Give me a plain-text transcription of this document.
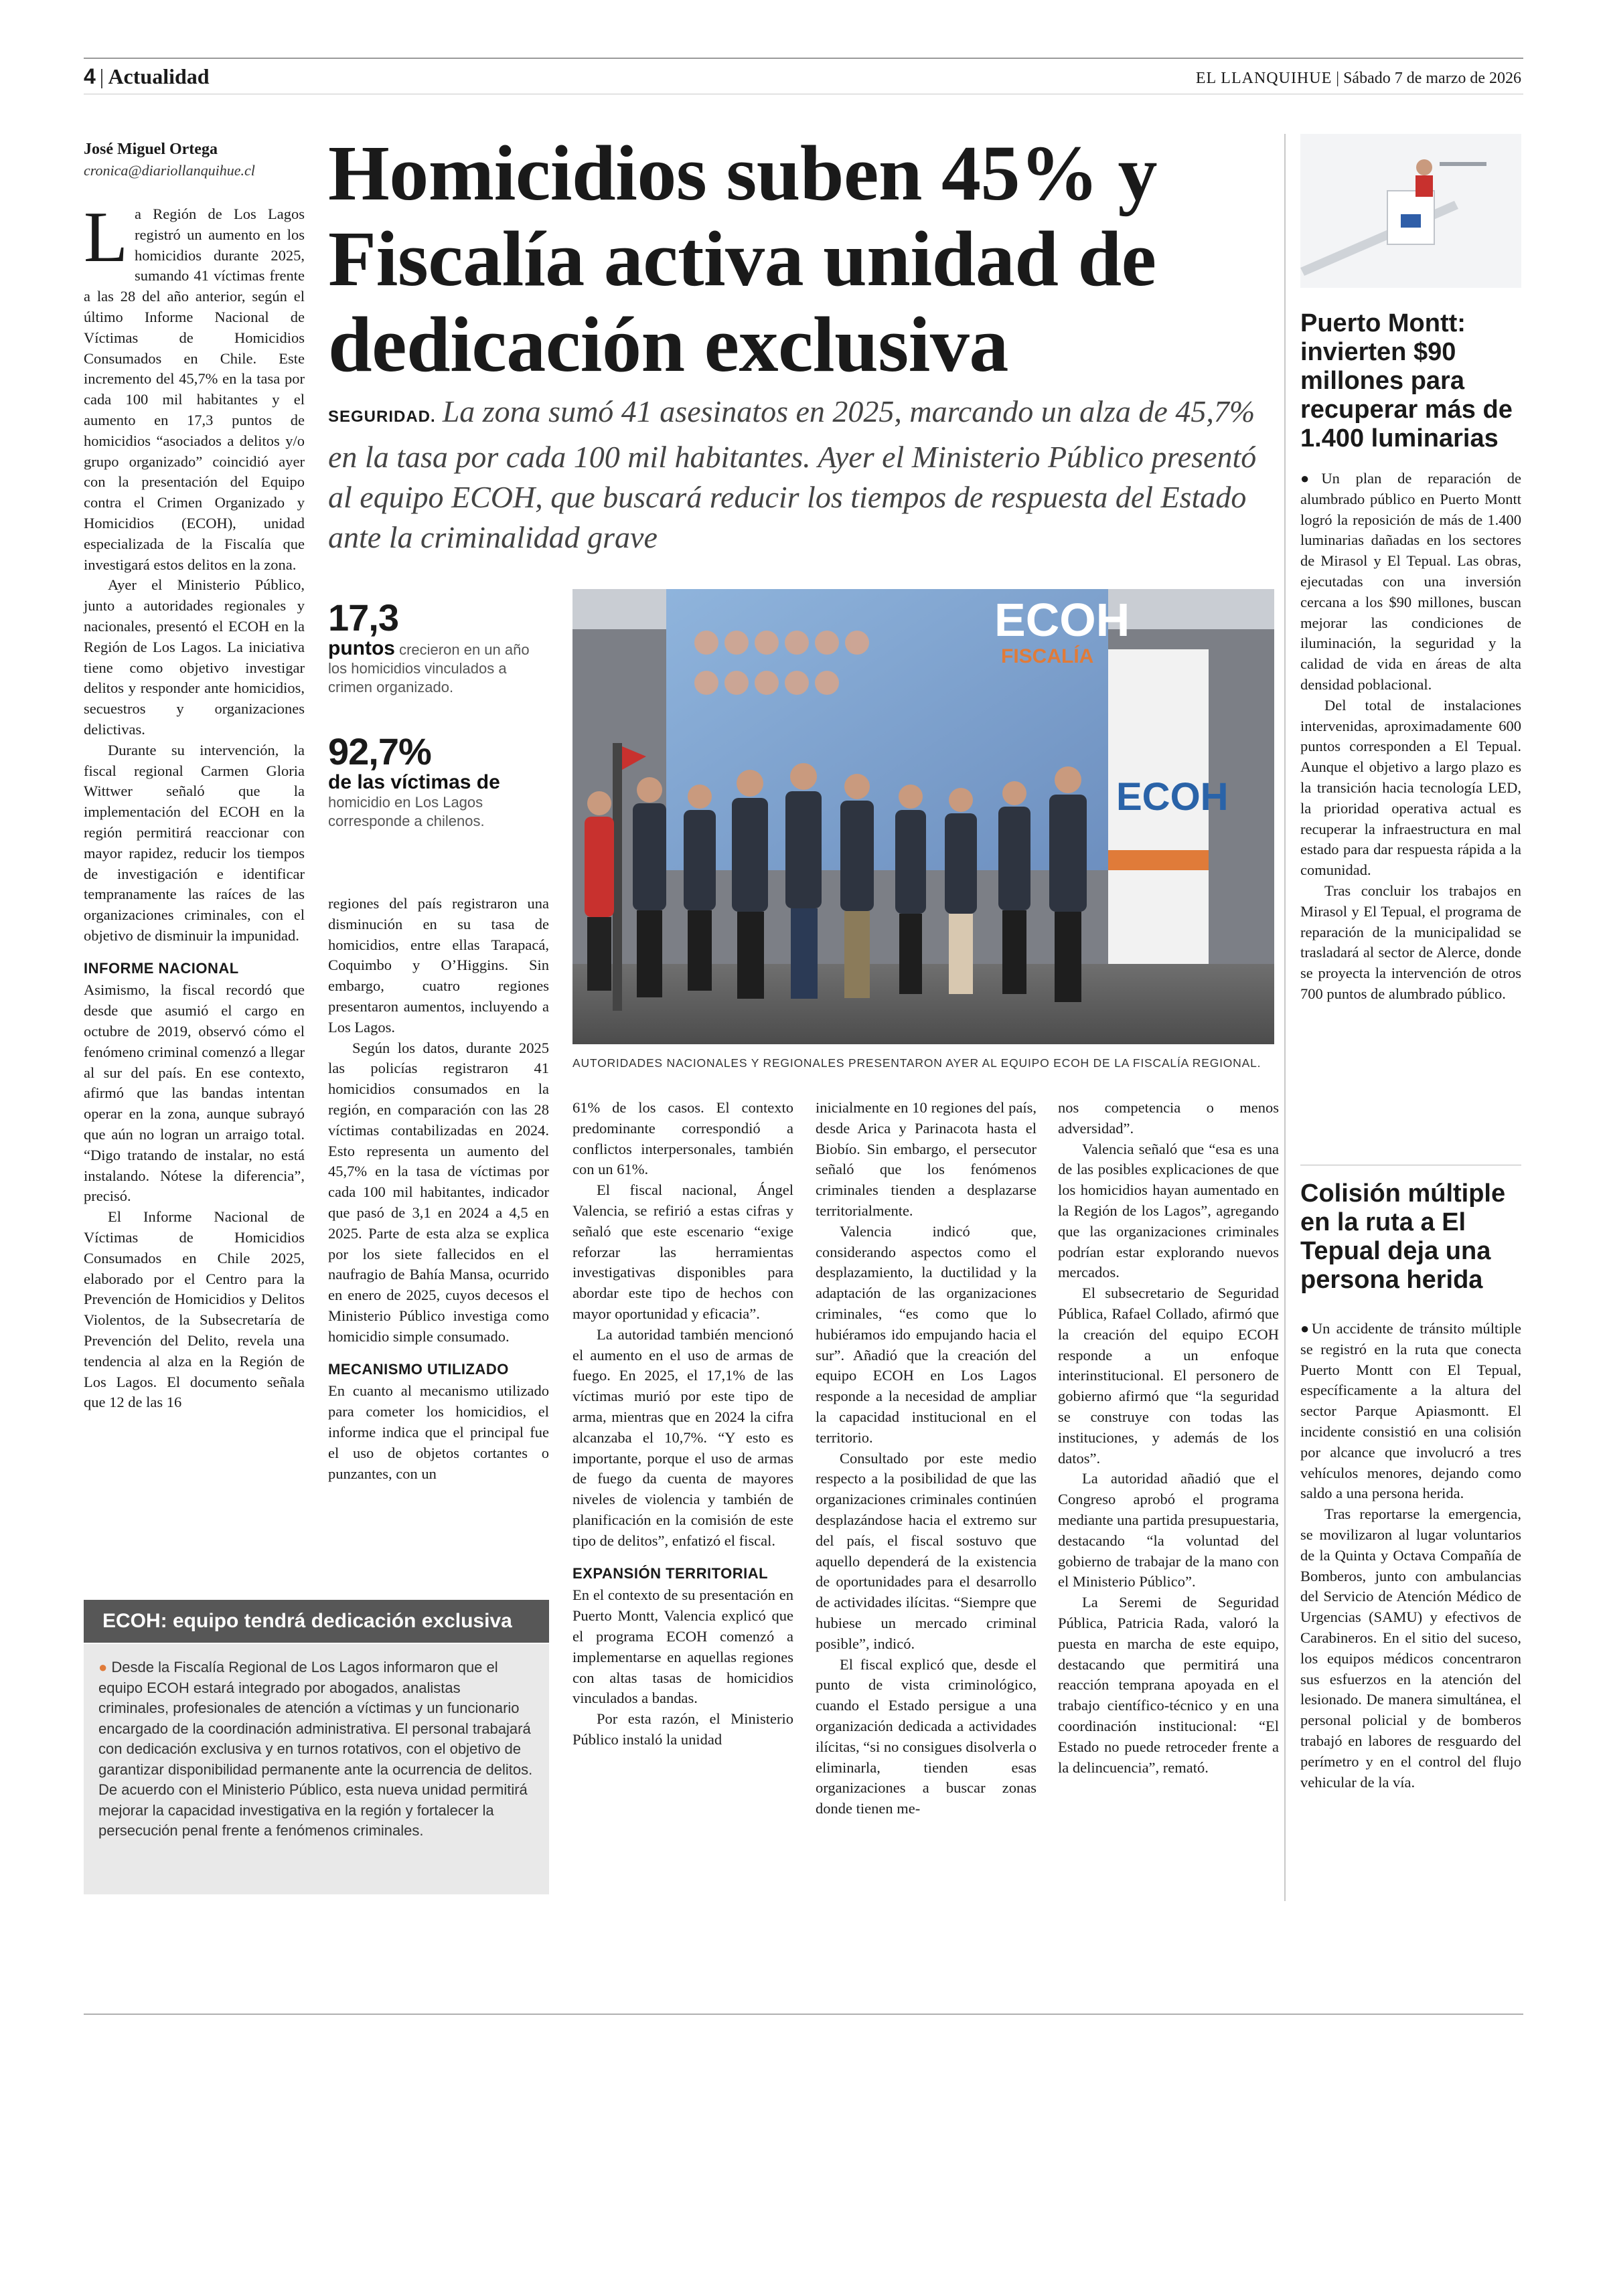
4 | Actualidad	EL LLANQUIHUE | Sábado 7 de marzo de 2026
José Miguel Ortega
cronica@diariollanquihue.cl Homicidios suben 45% y Fiscalía activa unidad de dedicación exclusiva
SEGURIDAD. La zona sumó 41 asesinatos en 2025, marcando un alza de 45,7% en la tasa por cada 100 mil habitantes. Ayer el Ministerio Público presentó al equipo ECOH, que buscará reducir los tiempos de respuesta del Estado ante la criminalidad grave

La Región de Los Lagos registró un aumento en los homicidios durante 2025, sumando 41 víctimas frente a las 28 del año anterior, según el último Informe Nacional de Víctimas de Homicidios Consumados en Chile. Este incremento del 45,7% en la tasa por cada 100 mil habitantes y el aumento en 17,3 puntos de homicidios “asociados a delitos y/o grupo organizado” coincidió ayer con la presentación del Equipo contra el Crimen Organizado y Homicidios (ECOH), unidad especializada de la Fiscalía que investigará estos delitos en la zona.

Ayer el Ministerio Público, junto a autoridades regionales y nacionales, presentó el ECOH en la Región de Los Lagos. La iniciativa tiene como objetivo investigar delitos y responder ante homicidios, secuestros y organizaciones delictivas.

Durante su intervención, la fiscal regional Carmen Gloria Wittwer señaló que la implementación del ECOH en la región permitirá reaccionar con mayor rapidez, reducir los tiempos de investigación e identificar tempranamente las raíces de las organizaciones criminales, con el objetivo de disminuir la impunidad.

INFORME NACIONAL

Asimismo, la fiscal recordó que desde que asumió el cargo en octubre de 2019, observó cómo el fenómeno criminal comenzó a llegar al sur del país. En ese contexto, afirmó que las bandas intentan operar en la zona, aunque subrayó que aún no logran un arraigo total. “Digo tratando de instalar, no está instalando. Nótese la diferencia”, precisó.

El Informe Nacional de Víctimas de Homicidios Consumados en Chile 2025, elaborado por el Centro para la Prevención de Homicidios y Delitos Violentos, de la Subsecretaría de Prevención del Delito, revela una tendencia al alza en la Región de Los Lagos. El documento señala que 12 de las 16

17,3
puntos crecieron en un año los homicidios vinculados a crimen organizado.
92,7%
de las víctimas de
homicidio en Los Lagos corresponde a chilenos.

regiones del país registraron una disminución en su tasa de homicidios, entre ellas Tarapacá, Coquimbo y O’Higgins. Sin embargo, cuatro regiones presentaron aumentos, incluyendo a Los Lagos.

Según los datos, durante 2025 las policías registraron 41 homicidios consumados en la región, en comparación con las 28 víctimas contabilizadas en 2024. Esto representa un aumento del 45,7% en la tasa de víctimas por cada 100 mil habitantes, indicador que pasó de 3,1 en 2024 a 4,5 en 2025. Parte de esta alza se explica por los siete fallecidos en el naufragio de Bahía Mansa, ocurrido en enero de 2025, cuyos decesos el Ministerio Público investiga como homicidio simple consumado.

MECANISMO UTILIZADO

En cuanto al mecanismo utilizado para cometer los homicidios, el informe indica que el principal fue el uso de objetos cortantes o punzantes, con un

ECOH
FISCALÍA
ECOH
AUTORIDADES NACIONALES Y REGIONALES PRESENTARON AYER AL EQUIPO ECOH DE LA FISCALÍA REGIONAL.

61% de los casos. El contexto predominante correspondió a conflictos interpersonales, también con un 61%.

El fiscal nacional, Ángel Valencia, se refirió a estas cifras y señaló que este escenario “exige reforzar las herramientas investigativas disponibles para abordar este tipo de hechos con mayor oportunidad y eficacia”.

La autoridad también mencionó el aumento en el uso de armas de fuego. En 2025, el 17,1% de las víctimas murió por este tipo de arma, mientras que en 2024 la cifra alcanzaba el 10,7%. “Y esto es importante, porque el uso de armas de fuego da cuenta de mayores niveles de violencia y también de planificación en la comisión de este tipo de delitos”, enfatizó el fiscal.

EXPANSIÓN TERRITORIAL

En el contexto de su presentación en Puerto Montt, Valencia explicó que el programa ECOH comenzó a implementarse en aquellas regiones con altas tasas de homicidios vinculados a bandas.

Por esta razón, el Ministerio Público instaló la unidad

inicialmente en 10 regiones del país, desde Arica y Parinacota hasta el Biobío. Sin embargo, el persecutor señaló que los fenómenos criminales tienden a desplazarse territorialmente.

Valencia indicó que, considerando aspectos como el desplazamiento, la ductilidad y la adaptación de las organizaciones criminales, “es como que lo hubiéramos ido empujando hacia el sur”. Añadió que la creación del equipo ECOH en Los Lagos responde a la necesidad de ampliar la capacidad institucional en el territorio.

Consultado por este medio respecto a la posibilidad de que las organizaciones criminales continúen desplazándose hacia el extremo sur del país, el fiscal sostuvo que aquello dependerá de la existencia de oportunidades para el desarrollo de actividades ilícitas. “Siempre que hubiese un mercado criminal posible”, indicó.

El fiscal explicó que, desde el punto de vista criminológico, cuando el Estado persigue a una organización dedicada a actividades ilícitas, “si no consigues disolverla o eliminarla, tienden esas organizaciones a buscar zonas donde tienen me-

nos competencia o menos adversidad”.

Valencia señaló que “esa es una de las posibles explicaciones de que los homicidios hayan aumentado en la Región de los Lagos”, agregando que las organizaciones criminales podrían estar explorando nuevos mercados.

El subsecretario de Seguridad Pública, Rafael Collado, afirmó que la creación del equipo ECOH responde a un enfoque interinstitucional. El personero de gobierno afirmó que “la seguridad se construye con todas las instituciones, y además de los datos”.

La autoridad añadió que el Congreso aprobó el programa mediante una partida presupuestaria, destacando “la voluntad del gobierno de trabajar de la mano con el Ministerio Público”.

La Seremi de Seguridad Pública, Patricia Rada, valoró la puesta en marcha de este equipo, destacando que permitirá una reacción temprana apoyada en el trabajo científico-técnico y en una coordinación institucional: “El Estado no puede retroceder frente a la delincuencia”, remató.

ECOH: equipo tendrá dedicación exclusiva
● Desde la Fiscalía Regional de Los Lagos informaron que el equipo ECOH estará integrado por abogados, analistas criminales, profesionales de atención a víctimas y un funcionario encargado de la coordinación administrativa. El personal trabajará con dedicación exclusiva y en turnos rotativos, con el objetivo de garantizar disponibilidad permanente ante la ocurrencia de delitos. De acuerdo con el Ministerio Público, esta nueva unidad permitirá mejorar la capacidad investigativa en la región y fortalecer la persecución penal frente a fenómenos criminales.
Puerto Montt: invierten $90 millones para recuperar más de 1.400 luminarias

●Un plan de reparación de alumbrado público en Puerto Montt logró la reposición de más de 1.400 luminarias dañadas en los sectores de Mirasol y El Tepual. Las obras, ejecutadas con una inversión cercana a los $90 millones, buscan mejorar las condiciones de iluminación, la seguridad y la calidad de vida en áreas de alta densidad poblacional.

Del total de instalaciones intervenidas, aproximadamente 600 puntos corresponden a El Tepual. Aunque el objetivo a largo plazo es la transición hacia tecnología LED, la prioridad operativa actual es recuperar la infraestructura en mal estado para dar respuesta rápida a la comunidad.

Tras concluir los trabajos en Mirasol y El Tepual, el programa de reparación de la municipalidad se trasladará al sector de Alerce, donde se proyecta la intervención de otros 700 puntos de alumbrado público.

Colisión múltiple en la ruta a El Tepual deja una persona herida

●Un accidente de tránsito múltiple se registró en la ruta que conecta Puerto Montt con El Tepual, específicamente a la altura del sector Parque Apiasmontt. El incidente consistió en una colisión por alcance que involucró a tres vehículos menores, dejando como saldo a una persona herida.

Tras reportarse la emergencia, se movilizaron al lugar voluntarios de la Quinta y Octava Compañía de Bomberos, junto con ambulancias del Servicio de Atención Médico de Urgencias (SAMU) y efectivos de Carabineros. En el sitio del suceso, los equipos médicos concentraron sus esfuerzos en la atención del lesionado. De manera simultánea, el personal policial y de bomberos trabajó en labores de resguardo del perímetro y en el control del flujo vehicular de la vía.
